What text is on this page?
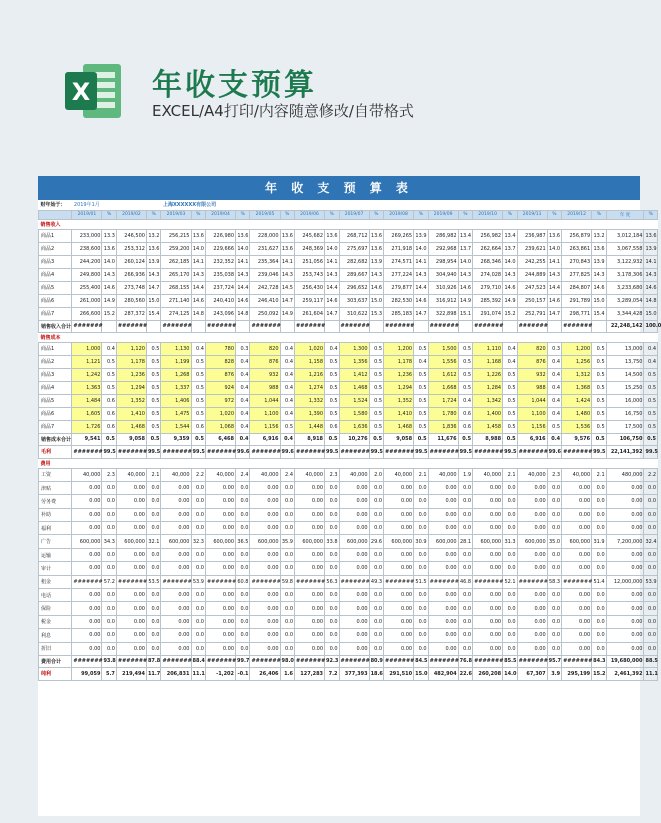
X 年收支预算
EXCEL/A4打印/内容随意修改/自带格式
年 收 支 预 算 表
财年始于：	2019年1月				上海XXXXXX有限公司																					
	2019/01	%	2019/02	%	2019/03	%	2019/04	%	2019/05	%	2019/06	%	2019/07	%	2019/08	%	2019/09	%	2019/10	%	2019/11	%	2019/12	%	年 度	%
销售收入																										
商品1	233,000	13.3	246,500	13.2	256,215	13.6	226,980	13.6	228,000	13.6	245,682	13.6	268,712	13.6	269,265	13.9	286,982	13.4	256,982	13.4	236,987	13.6	256,879	13.2	3,012,184	13.6
商品2	238,600	13.6	253,312	13.6	259,200	14.0	229,666	14.0	231,627	13.6	248,369	14.0	275,697	13.6	271,918	14.0	292,968	13.7	262,664	13.7	239,621	14.0	263,861	13.6	3,067,558	13.9
商品3	244,200	14.0	260,124	13.9	262,185	14.1	232,352	14.1	235,364	14.1	251,056	14.1	282,682	13.9	274,571	14.1	298,954	14.0	268,346	14.0	242,255	14.1	270,843	13.9	3,122,932	14.1
商品4	249,800	14.3	266,936	14.3	265,170	14.3	235,038	14.3	239,046	14.3	253,743	14.3	289,667	14.3	277,224	14.3	304,940	14.3	274,028	14.3	244,889	14.3	277,825	14.3	3,178,306	14.3
商品5	255,400	14.6	273,748	14.7	268,155	14.4	237,724	14.4	242,728	14.5	256,430	14.4	296,652	14.6	279,877	14.4	310,926	14.6	279,710	14.6	247,523	14.4	284,807	14.6	3,233,680	14.6
商品6	261,000	14.9	280,560	15.0	271,140	14.6	240,410	14.6	246,410	14.7	259,117	14.6	303,637	15.0	282,530	14.6	316,912	14.9	285,392	14.9	250,157	14.6	291,789	15.0	3,289,054	14.8
商品7	266,600	15.2	287,372	15.4	274,125	14.8	243,096	14.8	250,092	14.9	261,604	14.7	310,622	15.3	285,183	14.7	322,898	15.1	291,074	15.2	252,791	14.7	298,771	15.4	3,344,428	15.0
销售收入合计	#######		#######		#######		#######		#######		#######		#######		#######		#######		#######		#######		#######		22,248,142	100.0
销售成本																										
商品1	1,000	0.4	1,120	0.5	1,130	0.4	780	0.3	820	0.4	1,020	0.4	1,300	0.5	1,200	0.5	1,500	0.5	1,110	0.4	820	0.3	1,200	0.5	13,000	0.4
商品2	1,121	0.5	1,178	0.5	1,199	0.5	828	0.4	876	0.4	1,158	0.5	1,356	0.5	1,178	0.4	1,556	0.5	1,168	0.4	876	0.4	1,256	0.5	13,750	0.4
商品3	1,242	0.5	1,236	0.5	1,268	0.5	876	0.4	932	0.4	1,216	0.5	1,412	0.5	1,236	0.5	1,612	0.5	1,226	0.5	932	0.4	1,312	0.5	14,500	0.5
商品4	1,363	0.5	1,294	0.5	1,337	0.5	924	0.4	988	0.4	1,274	0.5	1,468	0.5	1,294	0.5	1,668	0.5	1,284	0.5	988	0.4	1,368	0.5	15,250	0.5
商品5	1,484	0.6	1,352	0.5	1,406	0.5	972	0.4	1,044	0.4	1,332	0.5	1,524	0.5	1,352	0.5	1,724	0.4	1,342	0.5	1,044	0.4	1,424	0.5	16,000	0.5
商品6	1,605	0.6	1,410	0.5	1,475	0.5	1,020	0.4	1,100	0.4	1,390	0.5	1,580	0.5	1,410	0.5	1,780	0.6	1,400	0.5	1,100	0.4	1,480	0.5	16,750	0.5
商品7	1,726	0.6	1,468	0.5	1,544	0.6	1,068	0.4	1,156	0.5	1,448	0.6	1,636	0.5	1,468	0.5	1,836	0.6	1,458	0.5	1,156	0.5	1,536	0.5	17,500	0.5
销售成本合计	9,541	0.5	9,058	0.5	9,359	0.5	6,468	0.4	6,916	0.4	8,918	0.5	10,276	0.5	9,058	0.5	11,676	0.5	8,988	0.5	6,916	0.4	9,576	0.5	106,750	0.5
毛利	#######	99.5	#######	99.5	#######	99.5	#######	99.6	#######	99.6	#######	99.5	#######	99.5	#######	99.5	#######	99.5	#######	99.5	#######	99.6	#######	99.5	22,141,392	99.5
费用																										
工资	40,000	2.3	40,000	2.1	40,000	2.2	40,000	2.4	40,000	2.4	40,000	2.3	40,000	2.0	40,000	2.1	40,000	1.9	40,000	2.1	40,000	2.3	40,000	2.1	480,000	2.2
津贴	0.00	0.0	0.00	0.0	0.00	0.0	0.00	0.0	0.00	0.0	0.00	0.0	0.00	0.0	0.00	0.0	0.00	0.0	0.00	0.0	0.00	0.0	0.00	0.0	0.00	0.0
劳务费	0.00	0.0	0.00	0.0	0.00	0.0	0.00	0.0	0.00	0.0	0.00	0.0	0.00	0.0	0.00	0.0	0.00	0.0	0.00	0.0	0.00	0.0	0.00	0.0	0.00	0.0
补助	0.00	0.0	0.00	0.0	0.00	0.0	0.00	0.0	0.00	0.0	0.00	0.0	0.00	0.0	0.00	0.0	0.00	0.0	0.00	0.0	0.00	0.0	0.00	0.0	0.00	0.0
福利	0.00	0.0	0.00	0.0	0.00	0.0	0.00	0.0	0.00	0.0	0.00	0.0	0.00	0.0	0.00	0.0	0.00	0.0	0.00	0.0	0.00	0.0	0.00	0.0	0.00	0.0
广告	600,000	34.3	600,000	32.1	600,000	32.3	600,000	36.5	600,000	35.9	600,000	33.8	600,000	29.6	600,000	30.9	600,000	28.1	600,000	31.3	600,000	35.0	600,000	31.9	7,200,000	32.4
运输	0.00	0.0	0.00	0.0	0.00	0.0	0.00	0.0	0.00	0.0	0.00	0.0	0.00	0.0	0.00	0.0	0.00	0.0	0.00	0.0	0.00	0.0	0.00	0.0	0.00	0.0
审计	0.00	0.0	0.00	0.0	0.00	0.0	0.00	0.0	0.00	0.0	0.00	0.0	0.00	0.0	0.00	0.0	0.00	0.0	0.00	0.0	0.00	0.0	0.00	0.0	0.00	0.0
租金	#######	57.2	#######	53.5	#######	53.9	#######	60.8	#######	59.8	#######	56.3	#######	49.3	#######	51.5	#######	46.8	#######	52.1	#######	58.3	#######	51.4	12,000,000	53.9
电话	0.00	0.0	0.00	0.0	0.00	0.0	0.00	0.0	0.00	0.0	0.00	0.0	0.00	0.0	0.00	0.0	0.00	0.0	0.00	0.0	0.00	0.0	0.00	0.0	0.00	0.0
保险	0.00	0.0	0.00	0.0	0.00	0.0	0.00	0.0	0.00	0.0	0.00	0.0	0.00	0.0	0.00	0.0	0.00	0.0	0.00	0.0	0.00	0.0	0.00	0.0	0.00	0.0
税金	0.00	0.0	0.00	0.0	0.00	0.0	0.00	0.0	0.00	0.0	0.00	0.0	0.00	0.0	0.00	0.0	0.00	0.0	0.00	0.0	0.00	0.0	0.00	0.0	0.00	0.0
利息	0.00	0.0	0.00	0.0	0.00	0.0	0.00	0.0	0.00	0.0	0.00	0.0	0.00	0.0	0.00	0.0	0.00	0.0	0.00	0.0	0.00	0.0	0.00	0.0	0.00	0.0
折旧	0.00	0.0	0.00	0.0	0.00	0.0	0.00	0.0	0.00	0.0	0.00	0.0	0.00	0.0	0.00	0.0	0.00	0.0	0.00	0.0	0.00	0.0	0.00	0.0	0.00	0.0
费用合计	#######	93.8	#######	87.8	#######	88.4	#######	99.7	#######	98.0	#######	92.3	#######	80.9	#######	84.5	#######	76.8	#######	85.5	#######	95.7	#######	84.3	19,680,000	88.5
纯利	99,059	5.7	219,494	11.7	206,831	11.1	-1,202	-0.1	26,406	1.6	127,283	7.2	377,393	18.6	291,510	15.0	482,904	22.6	260,208	14.0	67,307	3.9	295,199	15.2	2,461,392	11.1
